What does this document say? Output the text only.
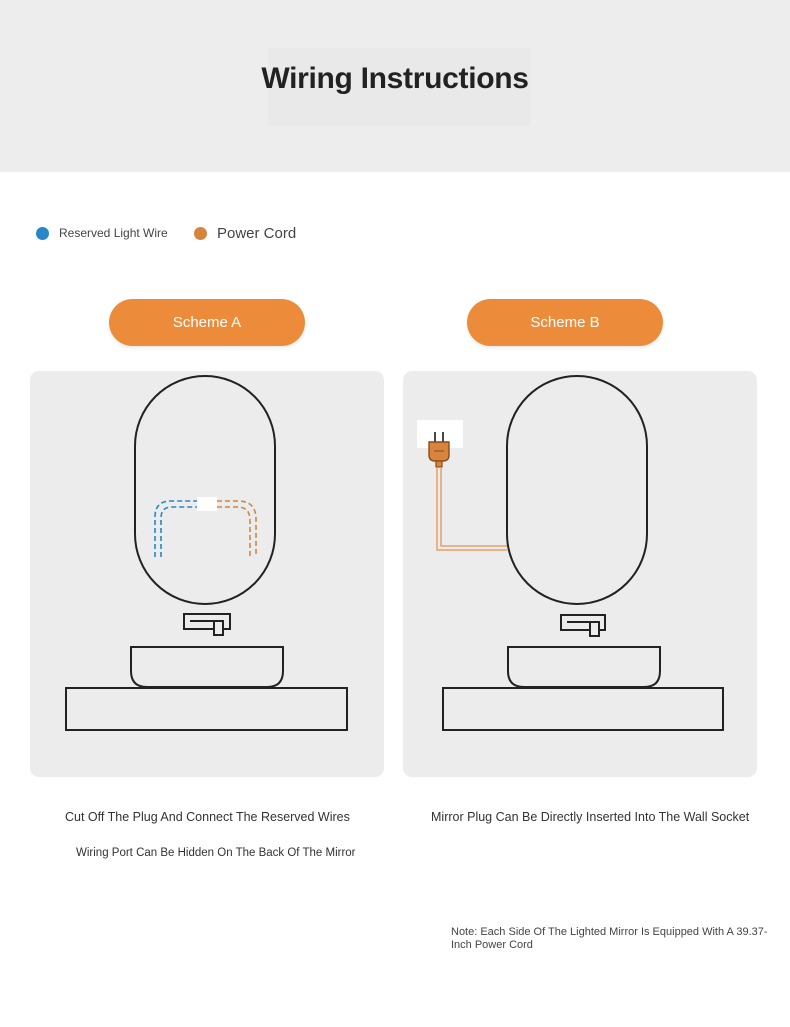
Wiring Instructions
Reserved Light Wire	Power Cord
Scheme A	Scheme B
Cut Off The Plug And Connect The Reserved Wires
Wiring Port Can Be Hidden On The Back Of The Mirror
Mirror Plug Can Be Directly Inserted Into The Wall Socket
Note: Each Side Of The Lighted Mirror Is Equipped With A 39.37-Inch Power Cord
